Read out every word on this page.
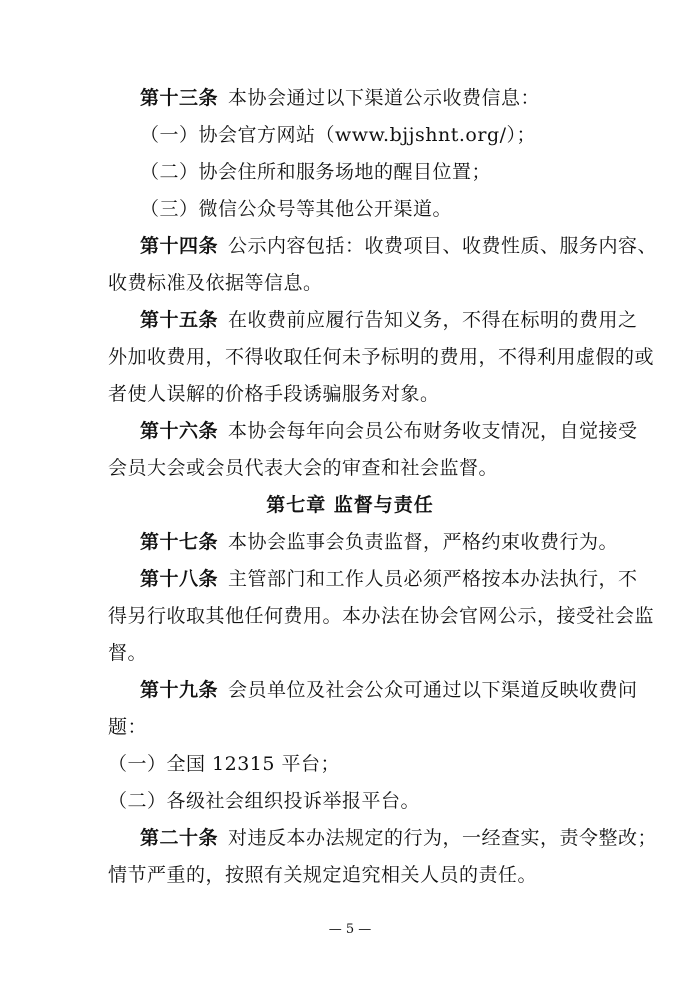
第十三条 本协会通过以下渠道公示收费信息：
（一）协会官方网站（www.bjjshnt.org/）；
（二）协会住所和服务场地的醒目位置；
（三）微信公众号等其他公开渠道。
第十四条 公示内容包括：收费项目、收费性质、服务内容、
收费标准及依据等信息。
第十五条 在收费前应履行告知义务，不得在标明的费用之
外加收费用，不得收取任何未予标明的费用，不得利用虚假的或
者使人误解的价格手段诱骗服务对象。
第十六条 本协会每年向会员公布财务收支情况，自觉接受
会员大会或会员代表大会的审查和社会监督。
第七章 监督与责任
第十七条 本协会监事会负责监督，严格约束收费行为。
第十八条 主管部门和工作人员必须严格按本办法执行，不
得另行收取其他任何费用。本办法在协会官网公示，接受社会监
督。
第十九条 会员单位及社会公众可通过以下渠道反映收费问
题：
（一）全国 12315 平台；
（二）各级社会组织投诉举报平台。
第二十条 对违反本办法规定的行为，一经查实，责令整改；
情节严重的，按照有关规定追究相关人员的责任。
— 5 —
